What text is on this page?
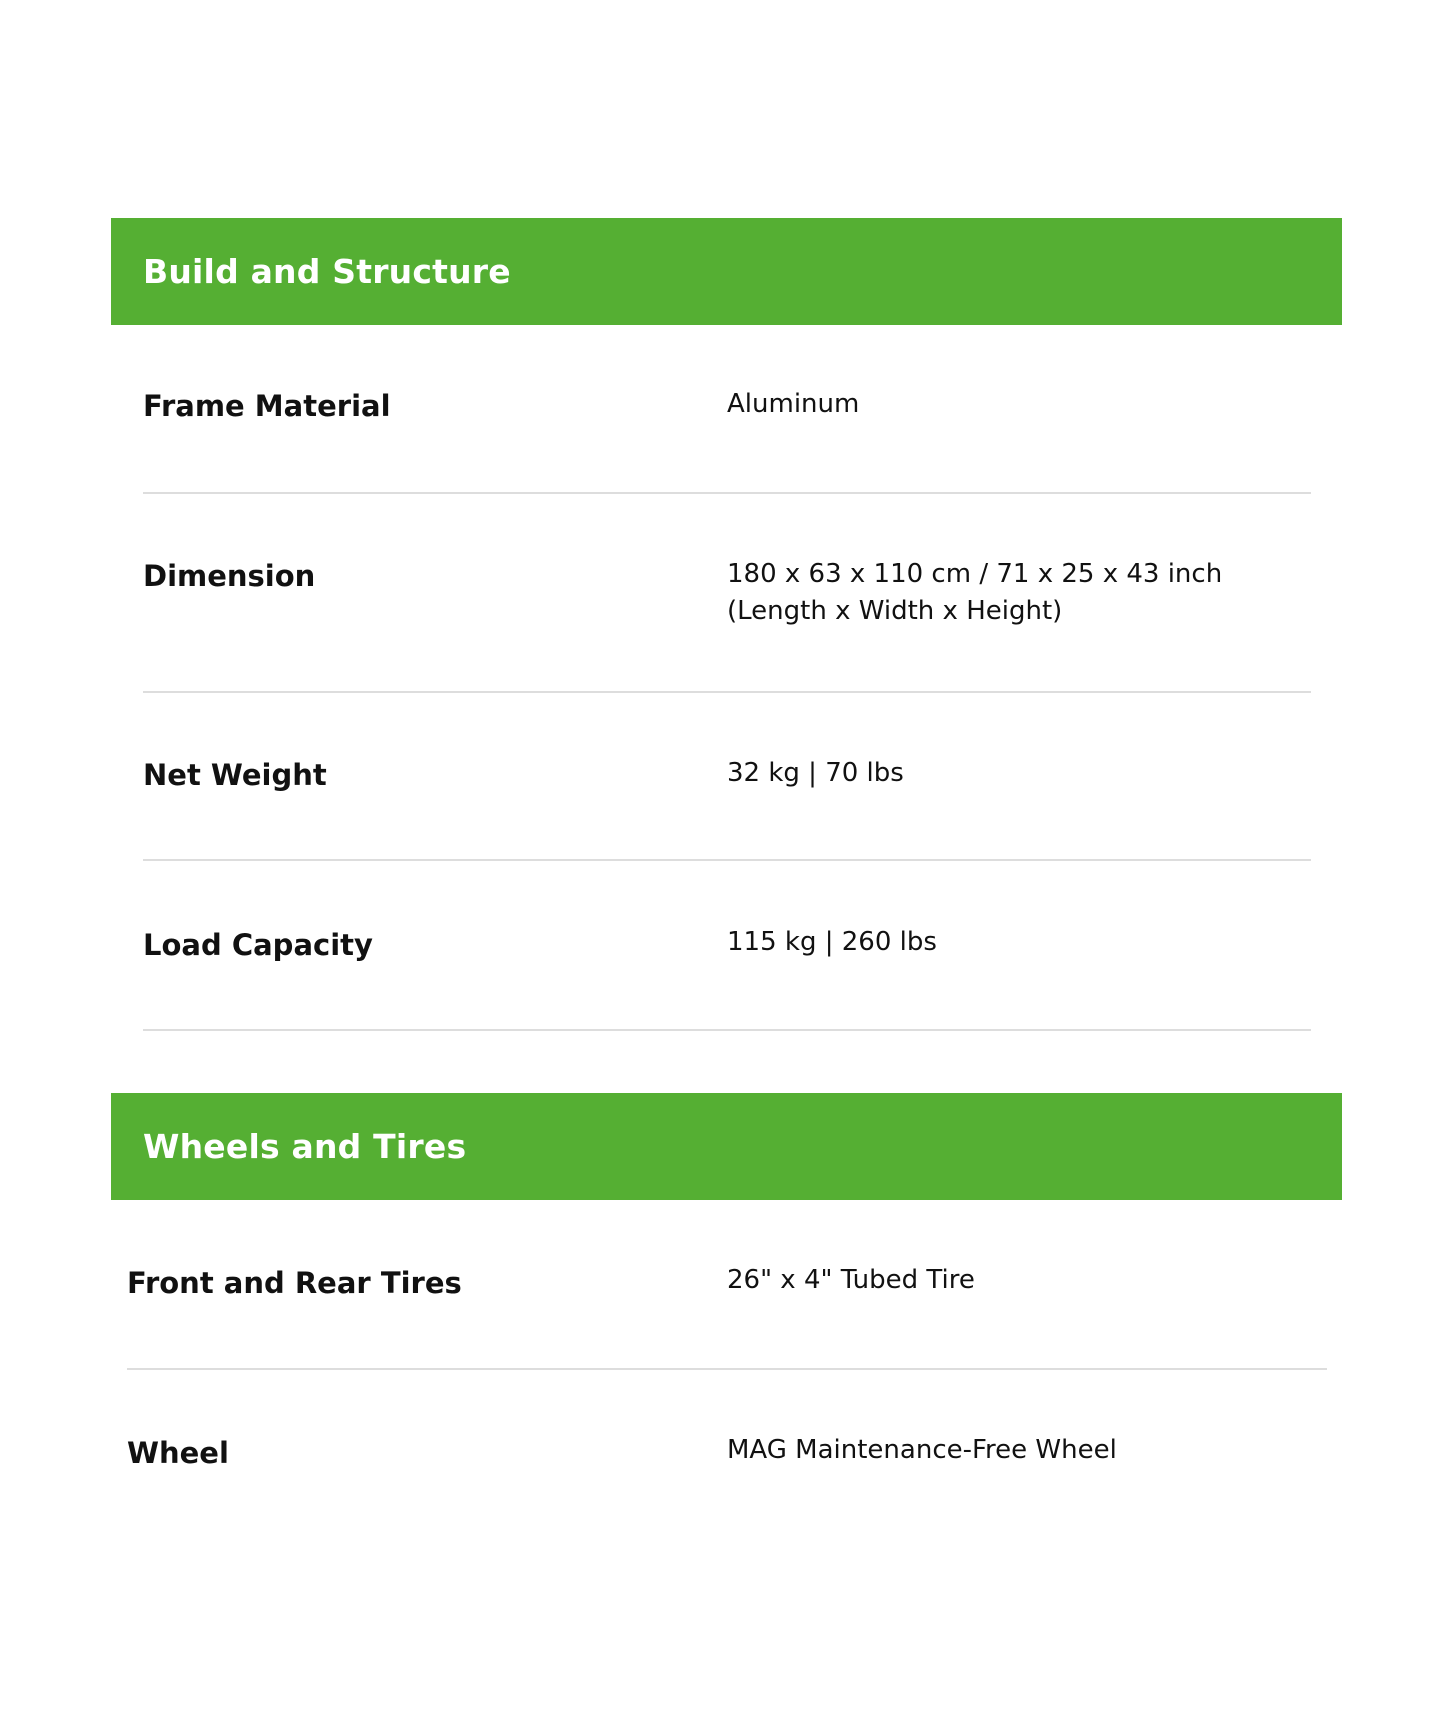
Build and Structure
Frame Material	Aluminum
Dimension	180 x 63 x 110 cm / 71 x 25 x 43 inch
(Length x Width x Height)
Net Weight	32 kg | 70 lbs
Load Capacity	115 kg | 260 lbs
Wheels and Tires
Front and Rear Tires	26" x 4" Tubed Tire
Wheel	MAG Maintenance-Free Wheel
